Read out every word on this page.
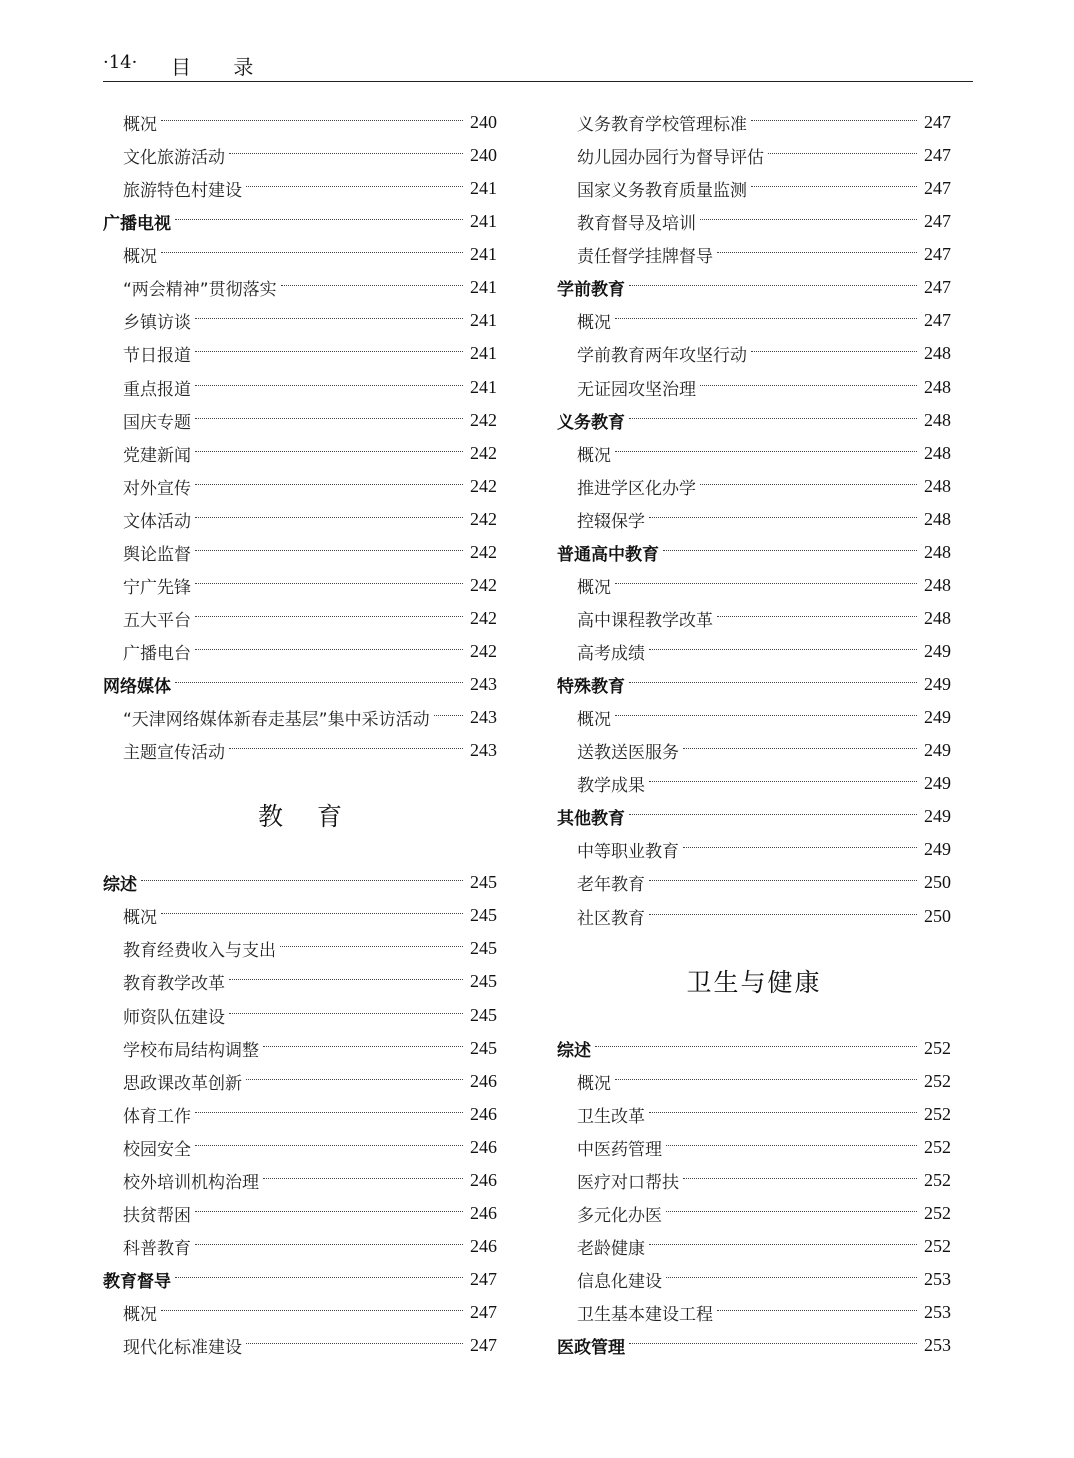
·14· 目 录
概况	240
文化旅游活动	240
旅游特色村建设	241
广播电视	241
概况	241
“两会精神”贯彻落实	241
乡镇访谈	241
节日报道	241
重点报道	241
国庆专题	242
党建新闻	242
对外宣传	242
文体活动	242
舆论监督	242
宁广先锋	242
五大平台	242
广播电台	242
网络媒体	243
“天津网络媒体新春走基层”集中采访活动 243
主题宣传活动	243
教育
综述	245
概况	245
教育经费收入与支出	245
教育教学改革	245
师资队伍建设	245
学校布局结构调整	245
思政课改革创新	246
体育工作	246
校园安全	246
校外培训机构治理	246
扶贫帮困	246
科普教育	246
教育督导	247
概况	247
现代化标准建设	247
义务教育学校管理标准	247
幼儿园办园行为督导评估	247
国家义务教育质量监测	247
教育督导及培训	247
责任督学挂牌督导	247
学前教育	247
概况	247
学前教育两年攻坚行动	248
无证园攻坚治理	248
义务教育	248
概况	248
推进学区化办学	248
控辍保学	248
普通高中教育	248
概况	248
高中课程教学改革	248
高考成绩	249
特殊教育	249
概况	249
送教送医服务	249
教学成果	249
其他教育	249
中等职业教育	249
老年教育	250
社区教育	250
卫生与健康
综述	252
概况	252
卫生改革	252
中医药管理	252
医疗对口帮扶	252
多元化办医	252
老龄健康	252
信息化建设	253
卫生基本建设工程	253
医政管理	253
